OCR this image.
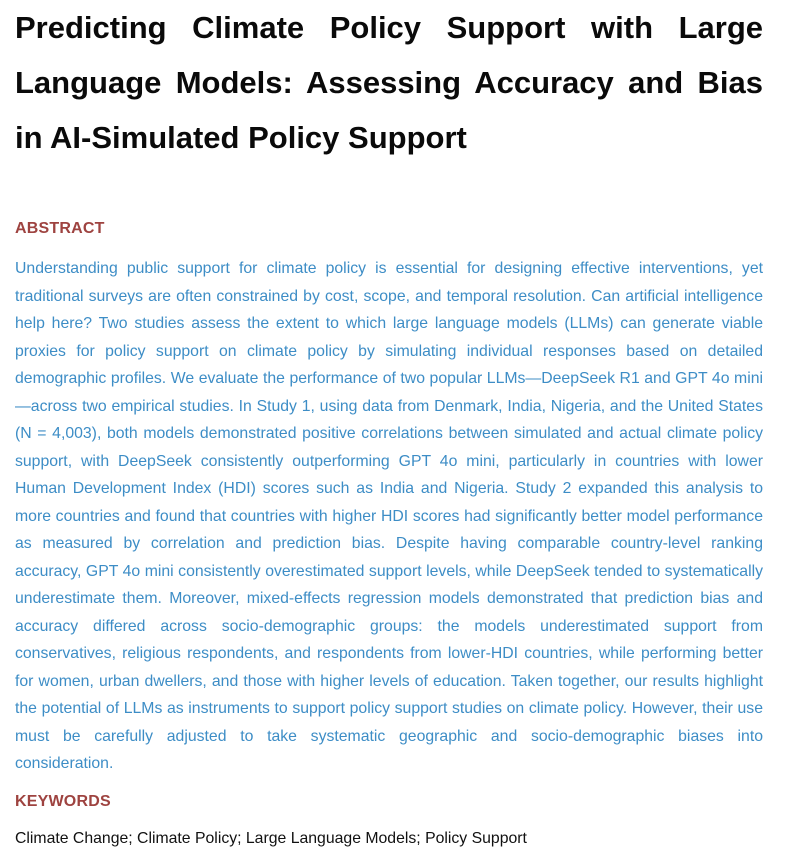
Predicting Climate Policy Support with Large Language Models: Assessing Accuracy and Bias in AI-Simulated Policy Support
ABSTRACT

Understanding public support for climate policy is essential for designing effective interventions, yet traditional surveys are often constrained by cost, scope, and temporal resolution. Can artificial intelligence help here? Two studies assess the extent to which large language models (LLMs) can generate viable proxies for policy support on climate policy by simulating individual responses based on detailed demographic profiles. We evaluate the performance of two popular LLMs—DeepSeek R1 and GPT 4o mini—across two empirical studies. In Study 1, using data from Denmark, India, Nigeria, and the United States (N = 4,003), both models demonstrated positive correlations between simulated and actual climate policy support, with DeepSeek consistently outperforming GPT 4o mini, particularly in countries with lower Human Development Index (HDI) scores such as India and Nigeria. Study 2 expanded this analysis to more countries and found that countries with higher HDI scores had significantly better model performance as measured by correlation and prediction bias. Despite having comparable country-level ranking accuracy, GPT 4o mini consistently overestimated support levels, while DeepSeek tended to systematically underestimate them. Moreover, mixed-effects regression models demonstrated that prediction bias and accuracy differed across socio-demographic groups: the models underestimated support from conservatives, religious respondents, and respondents from lower-HDI countries, while performing better for women, urban dwellers, and those with higher levels of education. Taken together, our results highlight the potential of LLMs as instruments to support policy support studies on climate policy. However, their use must be carefully adjusted to take systematic geographic and socio-demographic biases into consideration.

KEYWORDS

Climate Change; Climate Policy; Large Language Models; Policy Support
